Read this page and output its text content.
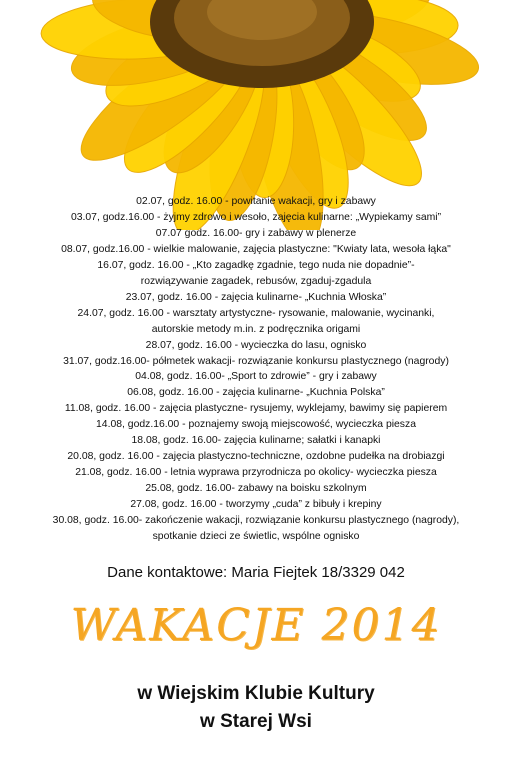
02.07, godz. 16.00 - powitanie wakacji, gry i zabawy
03.07, godz.16.00 - żyjmy zdrowo i wesoło, zajęcia kulinarne: „Wypiekamy sami”
07.07 godz. 16.00- gry i zabawy w plenerze
08.07, godz.16.00 - wielkie malowanie, zajęcia plastyczne: "Kwiaty lata, wesoła łąka"
16.07, godz. 16.00 - „Kto zagadkę zgadnie, tego nuda nie dopadnie”-
rozwiązywanie zagadek, rebusów, zgaduj-zgadula
23.07, godz. 16.00 - zajęcia kulinarne- „Kuchnia Włoska”
24.07, godz. 16.00 - warsztaty artystyczne- rysowanie, malowanie, wycinanki,
autorskie metody m.in. z podręcznika origami
28.07, godz. 16.00 - wycieczka do lasu, ognisko
31.07, godz.16.00- półmetek wakacji- rozwiązanie konkursu plastycznego (nagrody)
04.08, godz. 16.00- „Sport to zdrowie” - gry i zabawy
06.08, godz. 16.00 - zajęcia kulinarne- „Kuchnia Polska”
11.08, godz. 16.00 - zajęcia plastyczne- rysujemy, wyklejamy, bawimy się papierem
14.08, godz.16.00 - poznajemy swoją miejscowość, wycieczka piesza
18.08, godz. 16.00- zajęcia kulinarne; sałatki i kanapki
20.08, godz. 16.00 - zajęcia plastyczno-techniczne, ozdobne pudełka na drobiazgi
21.08, godz. 16.00 - letnia wyprawa przyrodnicza po okolicy- wycieczka piesza
25.08, godz. 16.00- zabawy na boisku szkolnym
27.08, godz. 16.00 - tworzymy „cuda” z bibuły i krepiny
30.08, godz. 16.00- zakończenie wakacji, rozwiązanie konkursu plastycznego (nagrody),
spotkanie dzieci ze świetlic, wspólne ognisko
Dane kontaktowe: Maria Fiejtek 18/3329 042
WAKACJE 2014
w Wiejskim Klubie Kultury
w Starej Wsi
